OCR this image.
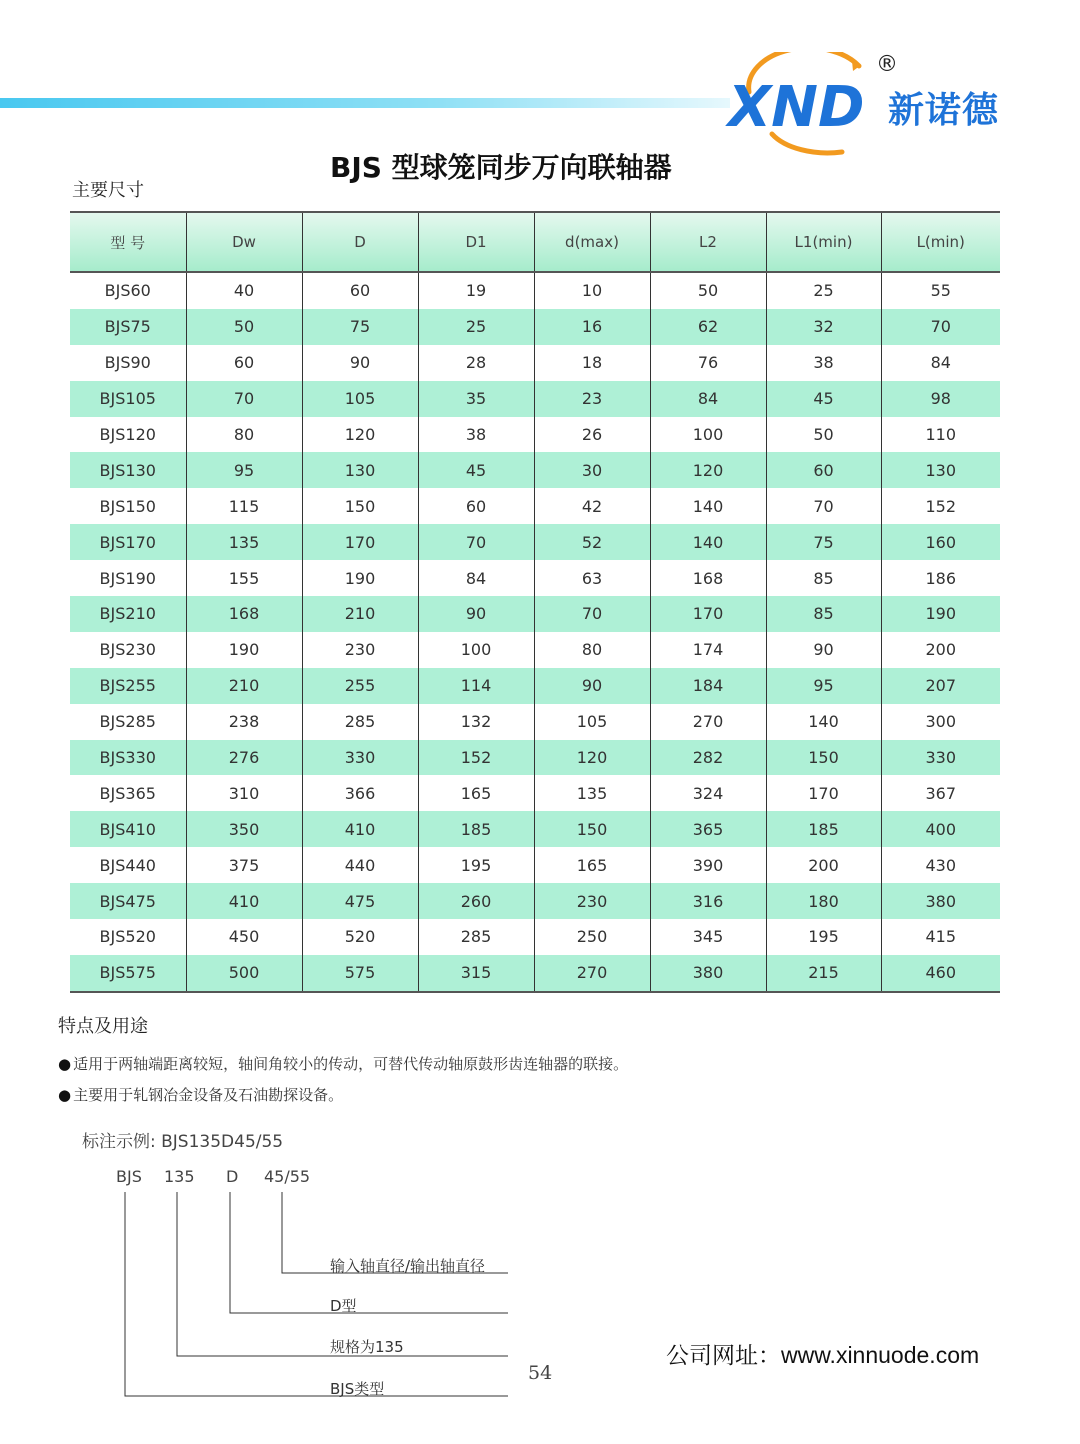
XND
®
新诺德
BJS 型球笼同步万向联轴器
主要尺寸
型 号	Dw	D	D1	d(max)	L2	L1(min)	L(min)
BJS60	40	60	19	10	50	25	55
BJS75	50	75	25	16	62	32	70
BJS90	60	90	28	18	76	38	84
BJS105	70	105	35	23	84	45	98
BJS120	80	120	38	26	100	50	110
BJS130	95	130	45	30	120	60	130
BJS150	115	150	60	42	140	70	152
BJS170	135	170	70	52	140	75	160
BJS190	155	190	84	63	168	85	186
BJS210	168	210	90	70	170	85	190
BJS230	190	230	100	80	174	90	200
BJS255	210	255	114	90	184	95	207
BJS285	238	285	132	105	270	140	300
BJS330	276	330	152	120	282	150	330
BJS365	310	366	165	135	324	170	367
BJS410	350	410	185	150	365	185	400
BJS440	375	440	195	165	390	200	430
BJS475	410	475	260	230	316	180	380
BJS520	450	520	285	250	345	195	415
BJS575	500	575	315	270	380	215	460
特点及用途
● 适用于两轴端距离较短，轴间角较小的传动，可替代传动轴原鼓形齿连轴器的联接。
● 主要用于轧钢冶金设备及石油勘探设备。
标注示例: BJS135D45/55
BJS 135 D 45/55
输入轴直径/输出轴直径
D型
规格为135
BJS类型
54
公司网址：www.xinnuode.com
